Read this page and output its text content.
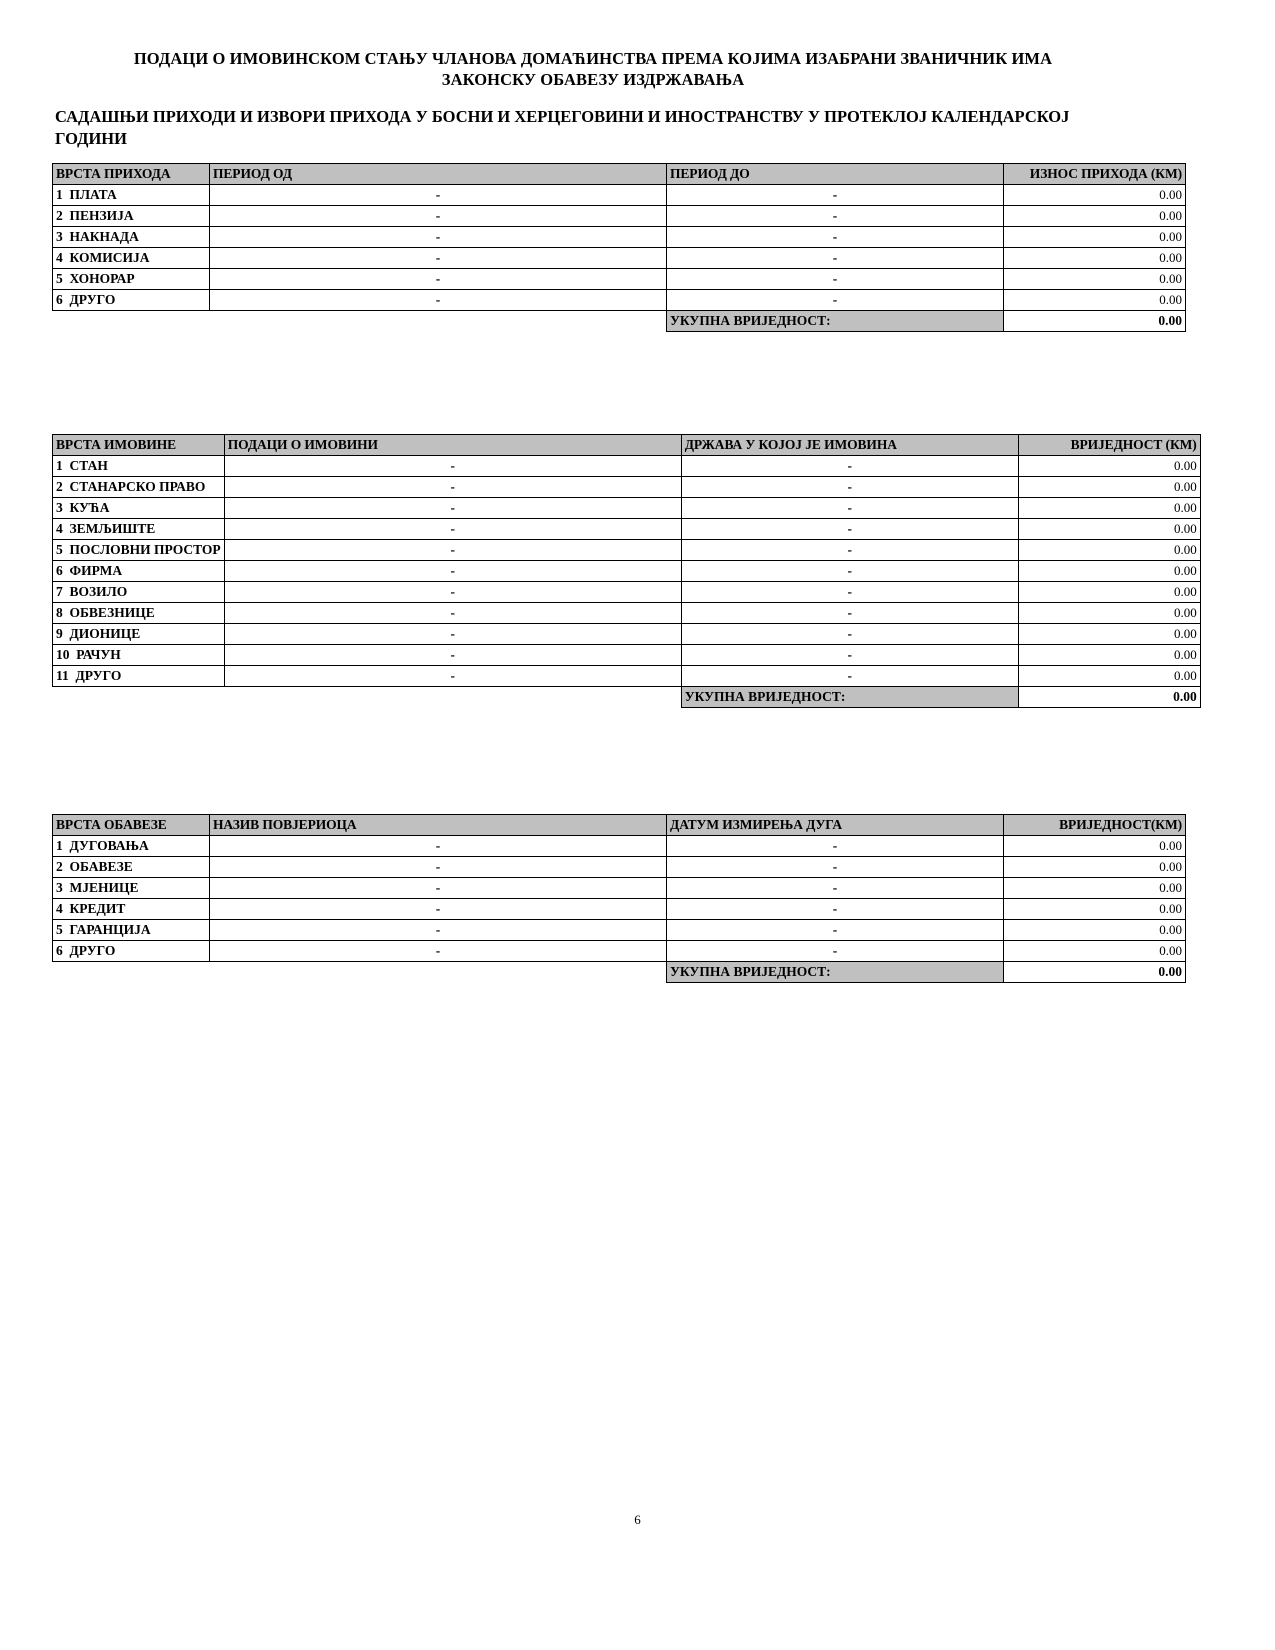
ПОДАЦИ О ИМОВИНСКОМ СТАЊУ ЧЛАНОВА ДОМАЋИНСТВА ПРЕМА КОЈИМА ИЗАБРАНИ ЗВАНИЧНИК ИМА ЗАКОНСКУ ОБАВЕЗУ ИЗДРЖАВАЊА
САДАШЊИ ПРИХОДИ И ИЗВОРИ ПРИХОДА У БОСНИ И ХЕРЦЕГОВИНИ И ИНОСТРАНСТВУ У ПРОТЕКЛОЈ КАЛЕНДАРСКОЈ ГОДИНИ
ВРСТА ПРИХОДА	ПЕРИОД ОД	ПЕРИОД ДО	ИЗНОС ПРИХОДА (КМ)
1 ПЛАТА	-	-	0.00
2 ПЕНЗИЈА	-	-	0.00
3 НАКНАДА	-	-	0.00
4 КОМИСИЈА	-	-	0.00
5 ХОНОРАР	-	-	0.00
6 ДРУГО	-	-	0.00
		УКУПНА ВРИЈЕДНОСТ:	0.00
ВРСТА ИМОВИНЕ	ПОДАЦИ О ИМОВИНИ	ДРЖАВА У КОЈОЈ ЈЕ ИМОВИНА	ВРИЈЕДНОСТ (КМ)
1 СТАН	-	-	0.00
2 СТАНАРСКО ПРАВО	-	-	0.00
3 КУЋА	-	-	0.00
4 ЗЕМЉИШТЕ	-	-	0.00
5 ПОСЛОВНИ ПРОСТОР	-	-	0.00
6 ФИРМА	-	-	0.00
7 ВОЗИЛО	-	-	0.00
8 ОБВЕЗНИЦЕ	-	-	0.00
9 ДИОНИЦЕ	-	-	0.00
10 РАЧУН	-	-	0.00
11 ДРУГО	-	-	0.00
		УКУПНА ВРИЈЕДНОСТ:	0.00
ВРСТА ОБАВЕЗЕ	НАЗИВ ПОВЈЕРИОЦА	ДАТУМ ИЗМИРЕЊА ДУГА	ВРИЈЕДНОСТ(КМ)
1 ДУГОВАЊА	-	-	0.00
2 ОБАВЕЗЕ	-	-	0.00
3 МЈЕНИЦЕ	-	-	0.00
4 КРЕДИТ	-	-	0.00
5 ГАРАНЦИЈА	-	-	0.00
6 ДРУГО	-	-	0.00
		УКУПНА ВРИЈЕДНОСТ:	0.00
6
